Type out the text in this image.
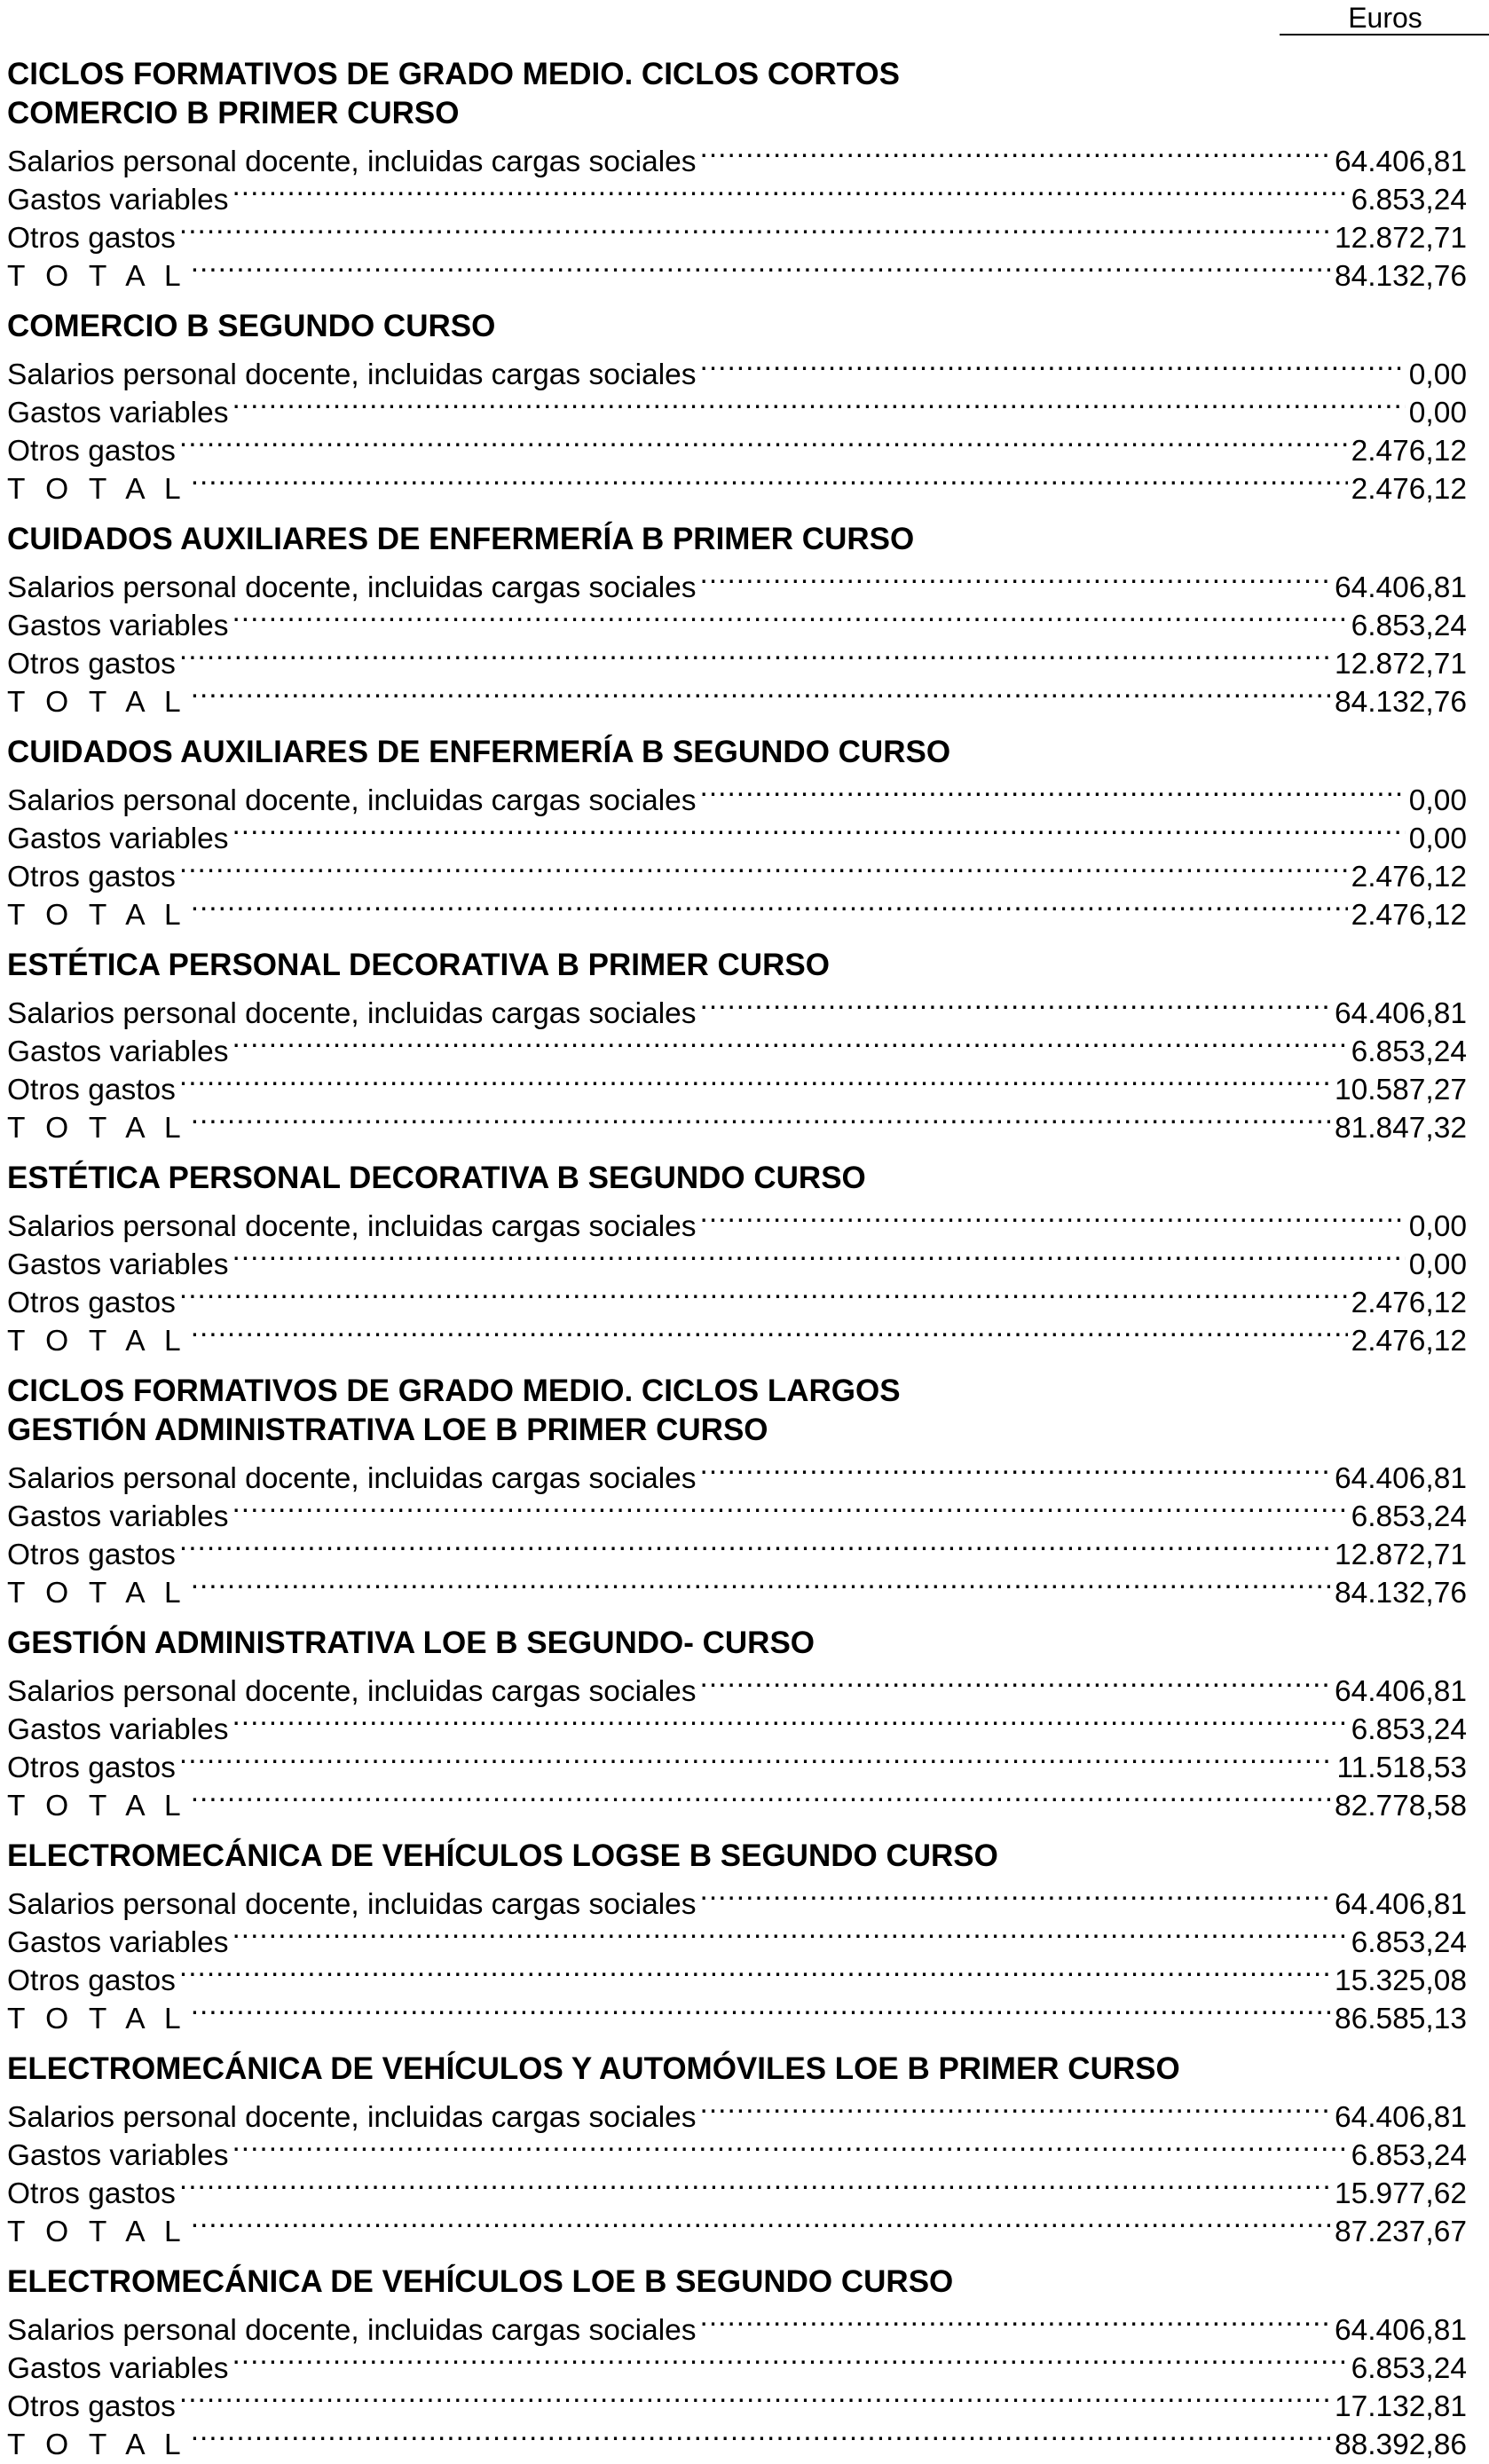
Euros
CICLOS FORMATIVOS DE GRADO MEDIO. CICLOS CORTOS
COMERCIO B PRIMER CURSO
Salarios personal docente, incluidas cargas sociales .....	64.406,81
Gastos variables .....	6.853,24
Otros gastos .....	12.872,71
T O T A L .....	84.132,76
COMERCIO B SEGUNDO CURSO
Salarios personal docente, incluidas cargas sociales .....	0,00
Gastos variables .....	0,00
Otros gastos .....	2.476,12
T O T A L .....	2.476,12
CUIDADOS AUXILIARES DE ENFERMERÍA B PRIMER CURSO
Salarios personal docente, incluidas cargas sociales .....	64.406,81
Gastos variables .....	6.853,24
Otros gastos .....	12.872,71
T O T A L .....	84.132,76
CUIDADOS AUXILIARES DE ENFERMERÍA B SEGUNDO CURSO
Salarios personal docente, incluidas cargas sociales .....	0,00
Gastos variables .....	0,00
Otros gastos .....	2.476,12
T O T A L .....	2.476,12
ESTÉTICA PERSONAL DECORATIVA B PRIMER CURSO
Salarios personal docente, incluidas cargas sociales .....	64.406,81
Gastos variables .....	6.853,24
Otros gastos .....	10.587,27
T O T A L .....	81.847,32
ESTÉTICA PERSONAL DECORATIVA B SEGUNDO CURSO
Salarios personal docente, incluidas cargas sociales .....	0,00
Gastos variables .....	0,00
Otros gastos .....	2.476,12
T O T A L .....	2.476,12
CICLOS FORMATIVOS DE GRADO MEDIO. CICLOS LARGOS
GESTIÓN ADMINISTRATIVA LOE B PRIMER CURSO
Salarios personal docente, incluidas cargas sociales .....	64.406,81
Gastos variables .....	6.853,24
Otros gastos .....	12.872,71
T O T A L .....	84.132,76
GESTIÓN ADMINISTRATIVA LOE B SEGUNDO- CURSO
Salarios personal docente, incluidas cargas sociales .....	64.406,81
Gastos variables .....	6.853,24
Otros gastos .....	11.518,53
T O T A L .....	82.778,58
ELECTROMECÁNICA DE VEHÍCULOS LOGSE B SEGUNDO CURSO
Salarios personal docente, incluidas cargas sociales .....	64.406,81
Gastos variables .....	6.853,24
Otros gastos .....	15.325,08
T O T A L .....	86.585,13
ELECTROMECÁNICA DE VEHÍCULOS Y AUTOMÓVILES LOE B PRIMER CURSO
Salarios personal docente, incluidas cargas sociales .....	64.406,81
Gastos variables .....	6.853,24
Otros gastos .....	15.977,62
T O T A L .....	87.237,67
ELECTROMECÁNICA DE VEHÍCULOS LOE B SEGUNDO CURSO
Salarios personal docente, incluidas cargas sociales .....	64.406,81
Gastos variables .....	6.853,24
Otros gastos .....	17.132,81
T O T A L .....	88.392,86
